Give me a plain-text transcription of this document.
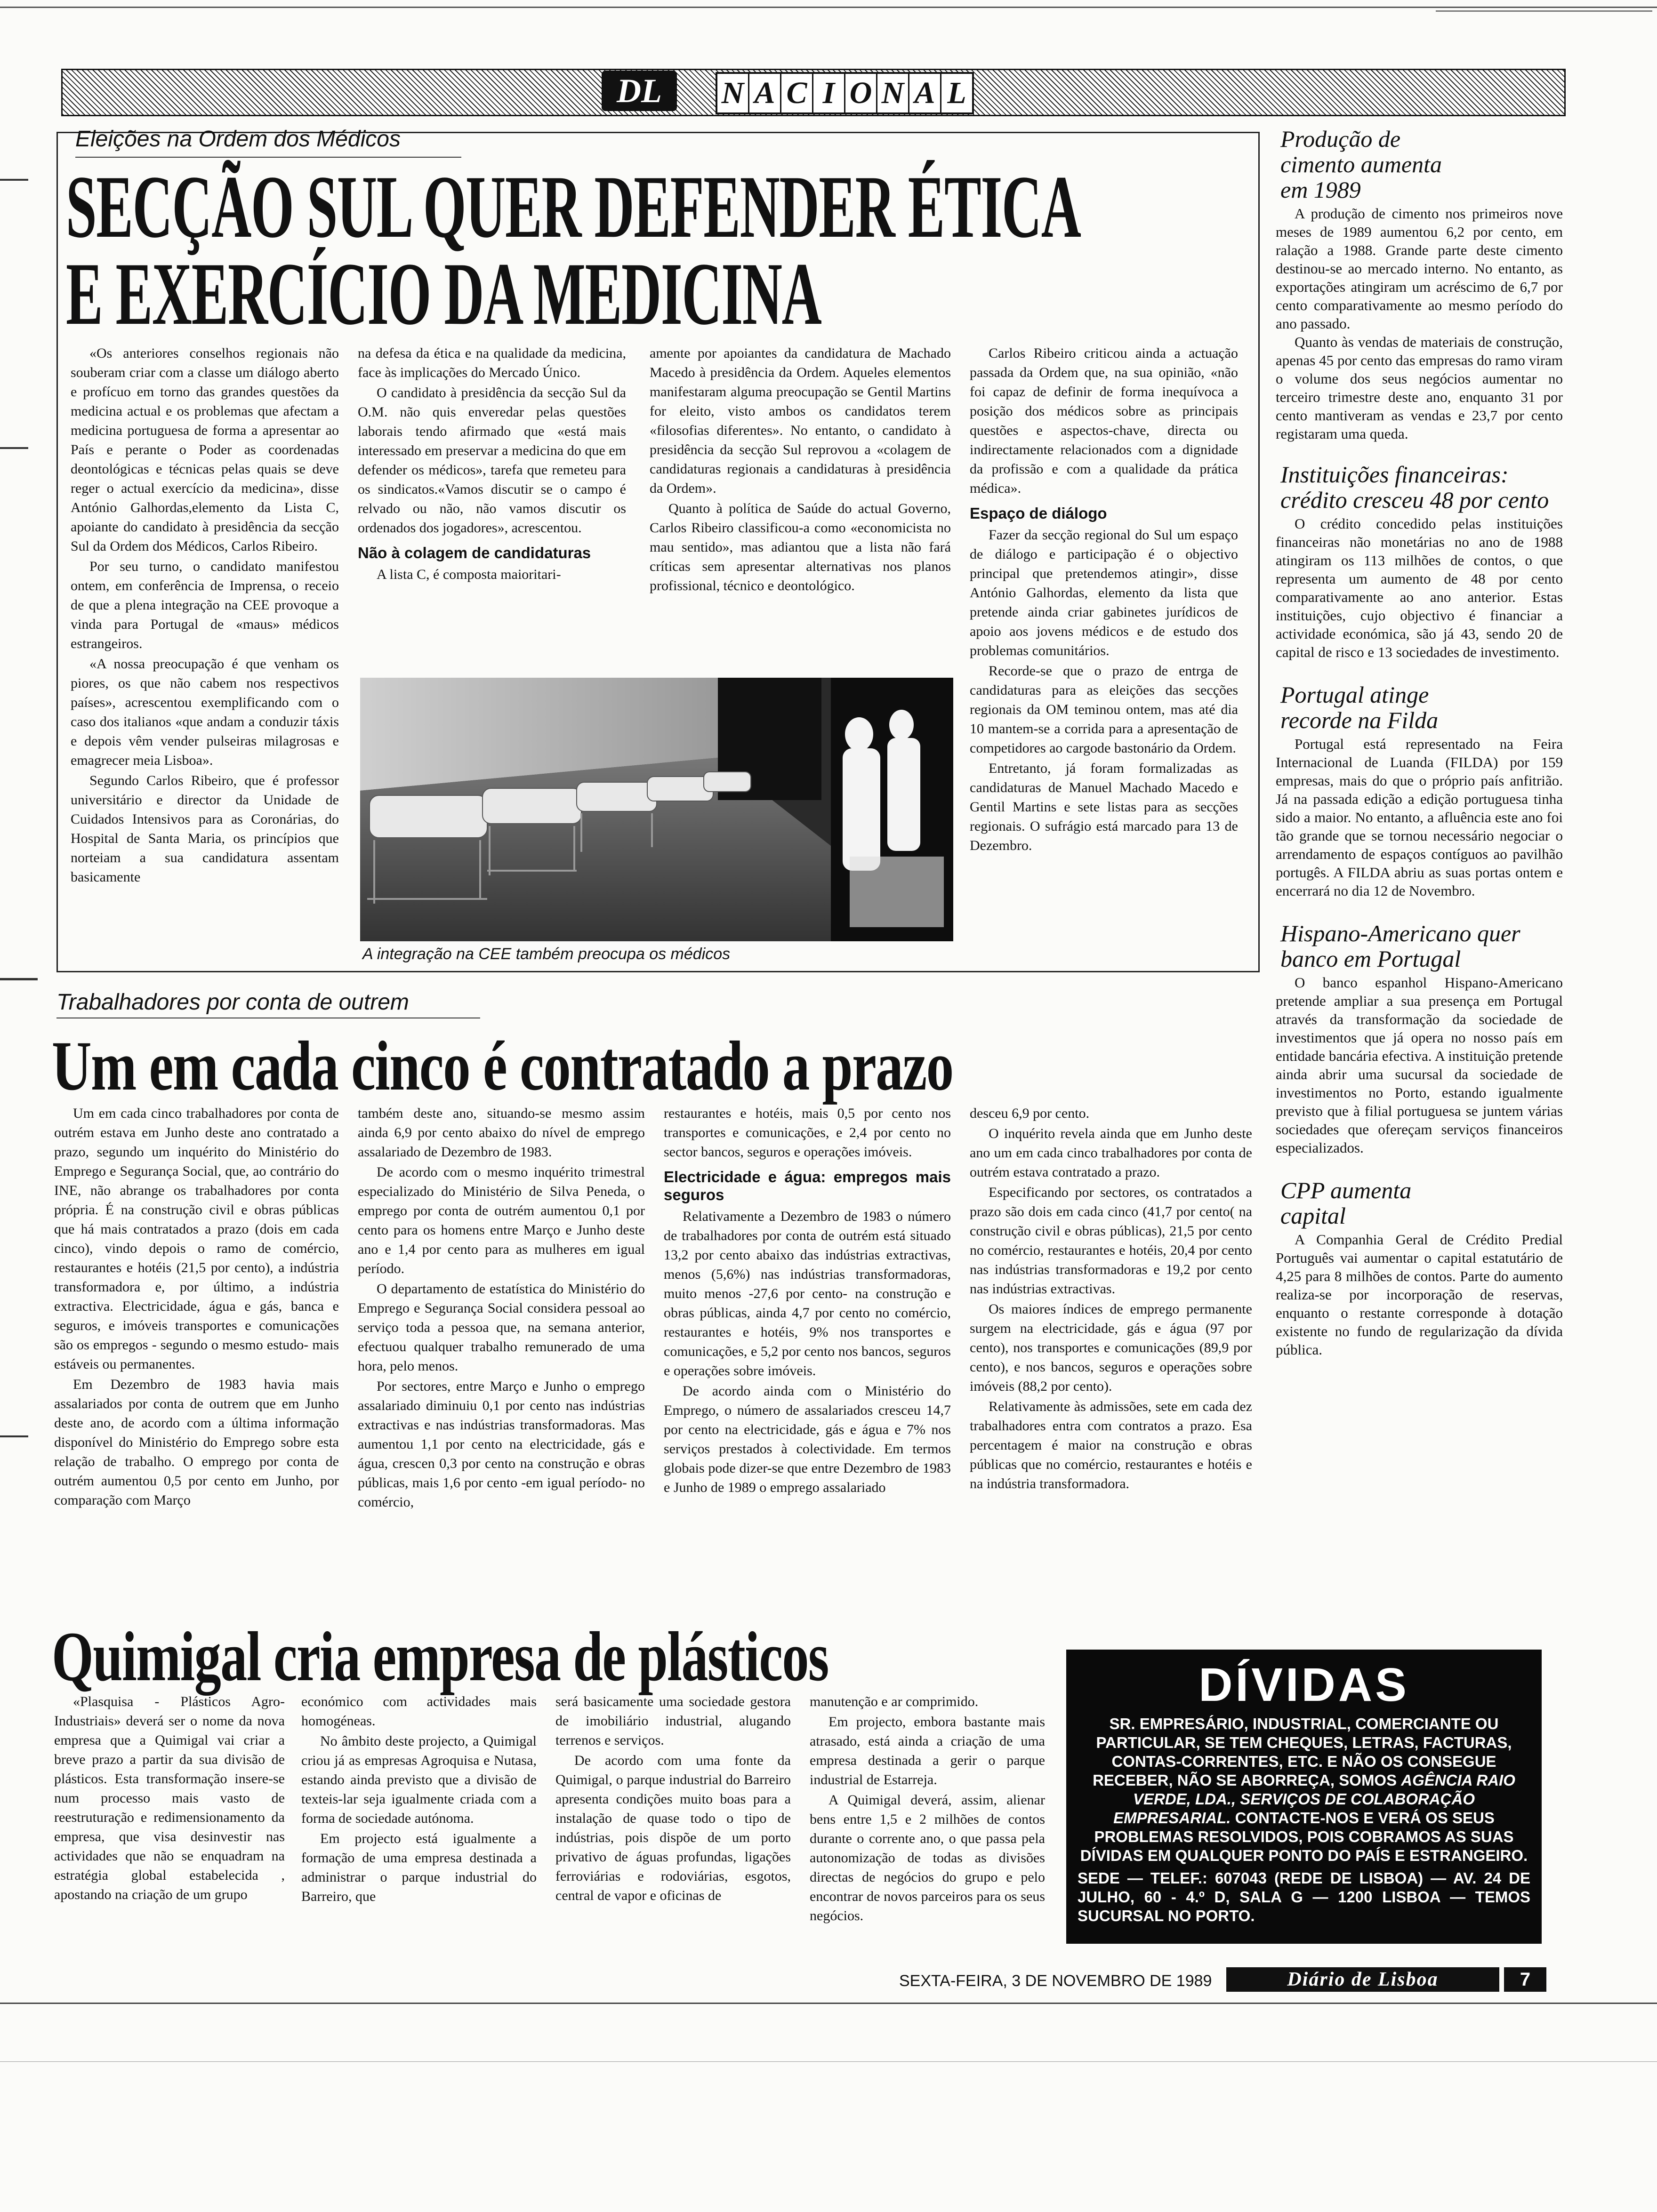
DL N A C I O N A L
Eleições na Ordem dos Médicos
SECÇÃO SUL QUER DEFENDER ÉTICA
E EXERCÍCIO DA MEDICINA

«Os anteriores conselhos regionais não souberam criar com a classe um diálogo aberto e profícuo em torno das grandes questões da medicina actual e os problemas que afectam a medicina portuguesa de forma a apresentar ao País e perante o Poder as coordenadas deontológicas e técnicas pelas quais se deve reger o actual exercício da medicina», disse António Galhordas,elemento da Lista C, apoiante do candidato à presidência da secção Sul da Ordem dos Médicos, Carlos Ribeiro.

Por seu turno, o candidato manifestou ontem, em conferência de Imprensa, o receio de que a plena integração na CEE provoque a vinda para Portugal de «maus» médicos estrangeiros.

«A nossa preocupação é que venham os piores, os que não cabem nos respectivos países», acrescentou exemplificando com o caso dos italianos «que andam a conduzir táxis e depois vêm vender pulseiras milagrosas e emagrecer meia Lisboa».

Segundo Carlos Ribeiro, que é professor universitário e director da Unidade de Cuidados Intensivos para as Coronárias, do Hospital de Santa Maria, os princípios que norteiam a sua candidatura assentam basicamente

na defesa da ética e na qualidade da medicina, face às implicações do Mercado Único.

O candidato à presidência da secção Sul da O.M. não quis enveredar pelas questões laborais tendo afirmado que «está mais interessado em preservar a medicina do que em defender os médicos», tarefa que remeteu para os sindicatos.«Vamos discutir se o campo é relvado ou não, não vamos discutir os ordenados dos jogadores», acrescentou.

Não à colagem de candidaturas

A lista C, é composta maioritari-

amente por apoiantes da candidatura de Machado Macedo à presidência da Ordem. Aqueles elementos manifestaram alguma preocupação se Gentil Martins for eleito, visto ambos os candidatos terem «filosofias diferentes». No entanto, o candidato à presidência da secção Sul reprovou a «colagem de candidaturas regionais a candidaturas à presidência da Ordem».

Quanto à política de Saúde do actual Governo, Carlos Ribeiro classificou-a como «economicista no mau sentido», mas adiantou que a lista não fará críticas sem apresentar alternativas nos planos profissional, técnico e deontológico.

Carlos Ribeiro criticou ainda a actuação passada da Ordem que, na sua opinião, «não foi capaz de definir de forma inequívoca a posição dos médicos sobre as principais questões e aspectos-chave, directa ou indirectamente relacionados com a dignidade da profissão e com a qualidade da prática médica».

Espaço de diálogo

Fazer da secção regional do Sul um espaço de diálogo e participação é o objectivo principal que pretendemos atingir», disse António Galhordas, elemento da lista que pretende ainda criar gabinetes jurídicos de apoio aos jovens médicos e de estudo dos problemas comunitários.

Recorde-se que o prazo de entrga de candidaturas para as eleições das secções regionais da OM teminou ontem, mas até dia 10 mantem-se a corrida para a apresentação de competidores ao cargode bastonário da Ordem.

Entretanto, já foram formalizadas as candidaturas de Manuel Machado Macedo e Gentil Martins e sete listas para as secções regionais. O sufrágio está marcado para 13 de Dezembro.

A integração na CEE também preocupa os médicos
Produção de cimento aumenta em 1989

A produção de cimento nos primeiros nove meses de 1989 aumentou 6,2 por cento, em ralação a 1988. Grande parte deste cimento destinou-se ao mercado interno. No entanto, as exportações atingiram um acréscimo de 6,7 por cento comparativamente ao mesmo período do ano passado.

Quanto às vendas de materiais de construção, apenas 45 por cento das empresas do ramo viram o volume dos seus negócios aumentar no terceiro trimestre deste ano, enquanto 31 por cento mantiveram as vendas e 23,7 por cento registaram uma queda.

Instituições financeiras: crédito cresceu 48 por cento

O crédito concedido pelas instituições financeiras não monetárias no ano de 1988 atingiram os 113 milhões de contos, o que representa um aumento de 48 por cento comparativamente ao ano anterior. Estas instituições, cujo objectivo é financiar a actividade económica, são já 43, sendo 20 de capital de risco e 13 sociedades de investimento.

Portugal atinge recorde na Filda

Portugal está representado na Feira Internacional de Luanda (FILDA) por 159 empresas, mais do que o próprio país anfitrião. Já na passada edição a edição portuguesa tinha sido a maior. No entanto, a afluência este ano foi tão grande que se tornou necessário negociar o arrendamento de espaços contíguos ao pavilhão portugês. A FILDA abriu as suas portas ontem e encerrará no dia 12 de Novembro.

Hispano-Americano quer banco em Portugal

O banco espanhol Hispano-Americano pretende ampliar a sua presença em Portugal através da transformação da sociedade de investimentos que já opera no nosso país em entidade bancária efectiva. A instituição pretende ainda abrir uma sucursal da sociedade de investimentos no Porto, estando igualmente previsto que à filial portuguesa se juntem várias sociedades que ofereçam serviços financeiros especializados.

CPP aumenta capital

A Companhia Geral de Crédito Predial Português vai aumentar o capital estatutário de 4,25 para 8 milhões de contos. Parte do aumento realiza-se por incorporação de reservas, enquanto o restante corresponde à dotação existente no fundo de regularização da dívida pública.

Trabalhadores por conta de outrem
Um em cada cinco é contratado a prazo

Um em cada cinco trabalhadores por conta de outrém estava em Junho deste ano contratado a prazo, segundo um inquérito do Ministério do Emprego e Segurança Social, que, ao contrário do INE, não abrange os trabalhadores por conta própria. É na construção civil e obras públicas que há mais contratados a prazo (dois em cada cinco), vindo depois o ramo de comércio, restaurantes e hotéis (21,5 por cento), a indústria transformadora e, por último, a indústria extractiva. Electricidade, água e gás, banca e seguros, e imóveis transportes e comunicações são os empregos - segundo o mesmo estudo- mais estáveis ou permanentes.

Em Dezembro de 1983 havia mais assalariados por conta de outrem que em Junho deste ano, de acordo com a última informação disponível do Ministério do Emprego sobre esta relação de trabalho. O emprego por conta de outrém aumentou 0,5 por cento em Junho, por comparação com Março

também deste ano, situando-se mesmo assim ainda 6,9 por cento abaixo do nível de emprego assalariado de Dezembro de 1983.

De acordo com o mesmo inquérito trimestral especializado do Ministério de Silva Peneda, o emprego por conta de outrém aumentou 0,1 por cento para os homens entre Março e Junho deste ano e 1,4 por cento para as mulheres em igual período.

O departamento de estatística do Ministério do Emprego e Segurança Social considera pessoal ao serviço toda a pessoa que, na semana anterior, efectuou qualquer trabalho remunerado de uma hora, pelo menos.

Por sectores, entre Março e Junho o emprego assalariado diminuiu 0,1 por cento nas indústrias extractivas e nas indústrias transformadoras. Mas aumentou 1,1 por cento na electricidade, gás e água, crescen 0,3 por cento na construção e obras públicas, mais 1,6 por cento -em igual período- no comércio,

restaurantes e hotéis, mais 0,5 por cento nos transportes e comunicações, e 2,4 por cento no sector bancos, seguros e operações imóveis.

Electricidade e água: empregos mais seguros

Relativamente a Dezembro de 1983 o número de trabalhadores por conta de outrém está situado 13,2 por cento abaixo das indústrias extractivas, menos (5,6%) nas indústrias transformadoras, muito menos -27,6 por cento- na construção e obras públicas, ainda 4,7 por cento no comércio, restaurantes e hotéis, 9% nos transportes e comunicações, e 5,2 por cento nos bancos, seguros e operações sobre imóveis.

De acordo ainda com o Ministério do Emprego, o número de assalariados cresceu 14,7 por cento na electricidade, gás e água e 7% nos serviços prestados à colectividade. Em termos globais pode dizer-se que entre Dezembro de 1983 e Junho de 1989 o emprego assalariado

desceu 6,9 por cento.

O inquérito revela ainda que em Junho deste ano um em cada cinco trabalhadores por conta de outrém estava contratado a prazo.

Especificando por sectores, os contratados a prazo são dois em cada cinco (41,7 por cento( na construção civil e obras públicas), 21,5 por cento no comércio, restaurantes e hotéis, 20,4 por cento nas indústrias transformadoras e 19,2 por cento nas indústrias extractivas.

Os maiores índices de emprego permanente surgem na electricidade, gás e água (97 por cento), nos transportes e comunicações (89,9 por cento), e nos bancos, seguros e operações sobre imóveis (88,2 por cento).

Relativamente às admissões, sete em cada dez trabalhadores entra com contratos a prazo. Esa percentagem é maior na construção e obras públicas que no comércio, restaurantes e hotéis e na indústria transformadora.

Quimigal cria empresa de plásticos

«Plasquisa - Plásticos Agro-Industriais» deverá ser o nome da nova empresa que a Quimigal vai criar a breve prazo a partir da sua divisão de plásticos. Esta transformação insere-se num processo mais vasto de reestruturação e redimensionamento da empresa, que visa desinvestir nas actividades que não se enquadram na estratégia global estabelecida , apostando na criação de um grupo

económico com actividades mais homogéneas.

No âmbito deste projecto, a Quimigal criou já as empresas Agroquisa e Nutasa, estando ainda previsto que a divisão de texteis-lar seja igualmente criada com a forma de sociedade autónoma.

Em projecto está igualmente a formação de uma empresa destinada a administrar o parque industrial do Barreiro, que

será basicamente uma sociedade gestora de imobiliário industrial, alugando terrenos e serviços.

De acordo com uma fonte da Quimigal, o parque industrial do Barreiro apresenta condições muito boas para a instalação de quase todo o tipo de indústrias, pois dispõe de um porto privativo de águas profundas, ligações ferroviárias e rodoviárias, esgotos, central de vapor e oficinas de

manutenção e ar comprimido.

Em projecto, embora bastante mais atrasado, está ainda a criação de uma empresa destinada a gerir o parque industrial de Estarreja.

A Quimigal deverá, assim, alienar bens entre 1,5 e 2 milhões de contos durante o corrente ano, o que passa pela autonomização de todas as divisões directas de negócios do grupo e pelo encontrar de novos parceiros para os seus negócios.

DÍVIDAS
SR. EMPRESÁRIO, INDUSTRIAL, COMERCIANTE OU PARTICULAR, SE TEM CHEQUES, LETRAS, FACTURAS, CONTAS-CORRENTES, ETC. E NÃO OS CONSEGUE RECEBER, NÃO SE ABORREÇA, SOMOS AGÊNCIA RAIO VERDE, LDA., SERVIÇOS DE COLABORAÇÃO EMPRESARIAL. CONTACTE-NOS E VERÁ OS SEUS PROBLEMAS RESOLVIDOS, POIS COBRAMOS AS SUAS DÍVIDAS EM QUALQUER PONTO DO PAÍS E ESTRANGEIRO.
SEDE — TELEF.: 607043 (REDE DE LISBOA) — AV. 24 DE JULHO, 60 - 4.º D, SALA G — 1200 LISBOA — TEMOS SUCURSAL NO PORTO.
SEXTA-FEIRA, 3 DE NOVEMBRO DE 1989	Diário de Lisboa	7
